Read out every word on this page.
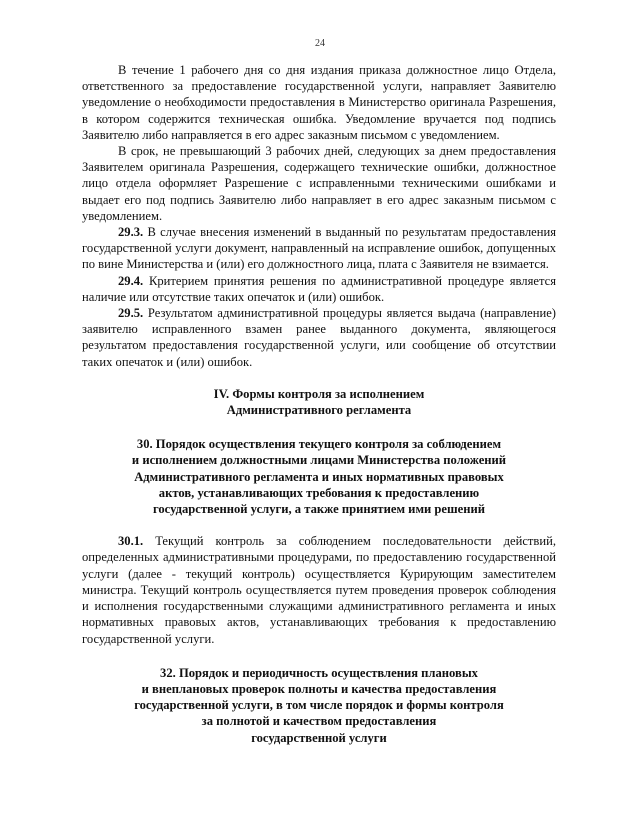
24

В течение 1 рабочего дня со дня издания приказа должностное лицо Отдела, ответственного за предоставление государственной услуги, направляет Заявителю уведомление о необходимости предоставления в Министерство оригинала Разрешения, в котором содержится техническая ошибка. Уведомление вручается под подпись Заявителю либо направляется в его адрес заказным письмом с уведомлением.

В срок, не превышающий 3 рабочих дней, следующих за днем предоставления Заявителем оригинала Разрешения, содержащего технические ошибки, должностное лицо отдела оформляет Разрешение с исправленными техническими ошибками и выдает его под подпись Заявителю либо направляет в его адрес заказным письмом с уведомлением.

29.3. В случае внесения изменений в выданный по результатам предоставления государственной услуги документ, направленный на исправление ошибок, допущенных по вине Министерства и (или) его должностного лица, плата с Заявителя не взимается.

29.4. Критерием принятия решения по административной процедуре является наличие или отсутствие таких опечаток и (или) ошибок.

29.5. Результатом административной процедуры является выдача (направление) заявителю исправленного взамен ранее выданного документа, являющегося результатом предоставления государственной услуги, или сообщение об отсутствии таких опечаток и (или) ошибок.

IV. Формы контроля за исполнением

Административного регламента

30. Порядок осуществления текущего контроля за соблюдением

и исполнением должностными лицами Министерства положений

Административного регламента и иных нормативных правовых

актов, устанавливающих требования к предоставлению

государственной услуги, а также принятием ими решений

30.1. Текущий контроль за соблюдением последовательности действий, определенных административными процедурами, по предоставлению государственной услуги (далее - текущий контроль) осуществляется Курирующим заместителем министра. Текущий контроль осуществляется путем проведения проверок соблюдения и исполнения государственными служащими административного регламента и иных нормативных правовых актов, устанавливающих требования к предоставлению государственной услуги.

32. Порядок и периодичность осуществления плановых

и внеплановых проверок полноты и качества предоставления

государственной услуги, в том числе порядок и формы контроля

за полнотой и качеством предоставления

государственной услуги
